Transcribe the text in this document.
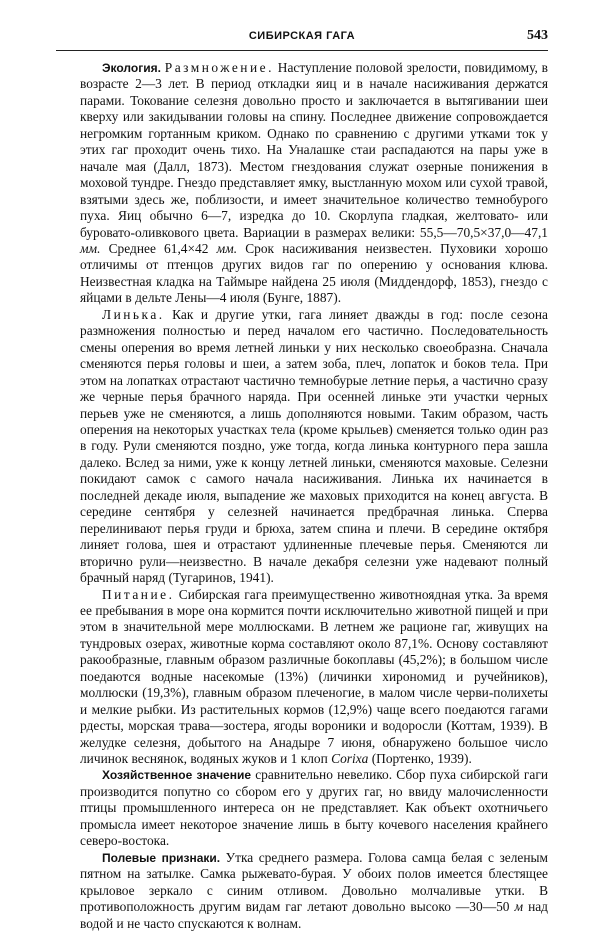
СИБИРСКАЯ ГАГА	543

Экология. Размножение. Наступление половой зрелости, повидимому, в возрасте 2—3 лет. В период откладки яиц и в начале насиживания держатся парами. Токование селезня довольно просто и заключается в вытягивании шеи кверху или закидывании головы на спину. Последнее движение сопровождается негромким гортанным криком. Однако по сравнению с другими утками ток у этих гаг проходит очень тихо. На Уналашке стаи распадаются на пары уже в начале мая (Далл, 1873). Местом гнездования служат озерные понижения в моховой тундре. Гнездо представляет ямку, выстланную мохом или сухой травой, взятыми здесь же, поблизости, и имеет значительное количество темнобурого пуха. Яиц обычно 6—7, изредка до 10. Скорлупа гладкая, желтовато- или буровато-оливкового цвета. Вариации в размерах велики: 55,5—70,5×37,0—47,1 мм. Среднее 61,4×42 мм. Срок насиживания неизвестен. Пуховики хорошо отличимы от птенцов других видов гаг по оперению у основания клюва. Неизвестная кладка на Таймыре найдена 25 июля (Миддендорф, 1853), гнездо с яйцами в дельте Лены—4 июля (Бунге, 1887).

Линька. Как и другие утки, гага линяет дважды в год: после сезона размножения полностью и перед началом его частично. Последовательность смены оперения во время летней линьки у них несколько своеобразна. Сначала сменяются перья головы и шеи, а затем зоба, плеч, лопаток и боков тела. При этом на лопатках отрастают частично темнобурые летние перья, а частично сразу же черные перья брачного наряда. При осенней линьке эти участки черных перьев уже не сменяются, а лишь дополняются новыми. Таким образом, часть оперения на некоторых участках тела (кроме крыльев) сменяется только один раз в году. Рули сменяются поздно, уже тогда, когда линька контурного пера зашла далеко. Вслед за ними, уже к концу летней линьки, сменяются маховые. Селезни покидают самок с самого начала насиживания. Линька их начинается в последней декаде июля, выпадение же маховых приходится на конец августа. В середине сентября у селезней начинается предбрачная линька. Сперва перелинивают перья груди и брюха, затем спина и плечи. В середине октября линяет голова, шея и отрастают удлиненные плечевые перья. Сменяются ли вторично рули—неизвестно. В начале декабря селезни уже надевают полный брачный наряд (Тугаринов, 1941).

Питание. Сибирская гага преимущественно животноядная утка. За время ее пребывания в море она кормится почти исключительно животной пищей и при этом в значительной мере моллюсками. В летнем же рационе гаг, живущих на тундровых озерах, животные корма составляют около 87,1%. Основу составляют ракообразные, главным образом различные бокоплавы (45,2%); в большом числе поедаются водные насекомые (13%) (личинки хирономид и ручейников), моллюски (19,3%), главным образом плеченогие, в малом числе черви-полихеты и мелкие рыбки. Из растительных кормов (12,9%) чаще всего поедаются гагами рдесты, морская трава—зостера, ягоды вороники и водоросли (Коттам, 1939). В желудке селезня, добытого на Анадыре 7 июня, обнаружено большое число личинок веснянок, водяных жуков и 1 клоп Corixa (Портенко, 1939).

Хозяйственное значение сравнительно невелико. Сбор пуха сибирской гаги производится попутно со сбором его у других гаг, но ввиду малочисленности птицы промышленного интереса он не представляет. Как объект охотничьего промысла имеет некоторое значение лишь в быту кочевого населения крайнего северо-востока.

Полевые признаки. Утка среднего размера. Голова самца белая с зеленым пятном на затылке. Самка рыжевато-бурая. У обоих полов имеется блестящее крыловое зеркало с синим отливом. Довольно молчаливые утки. В противоположность другим видам гаг летают довольно высоко —30—50 м над водой и не часто спускаются к волнам.
